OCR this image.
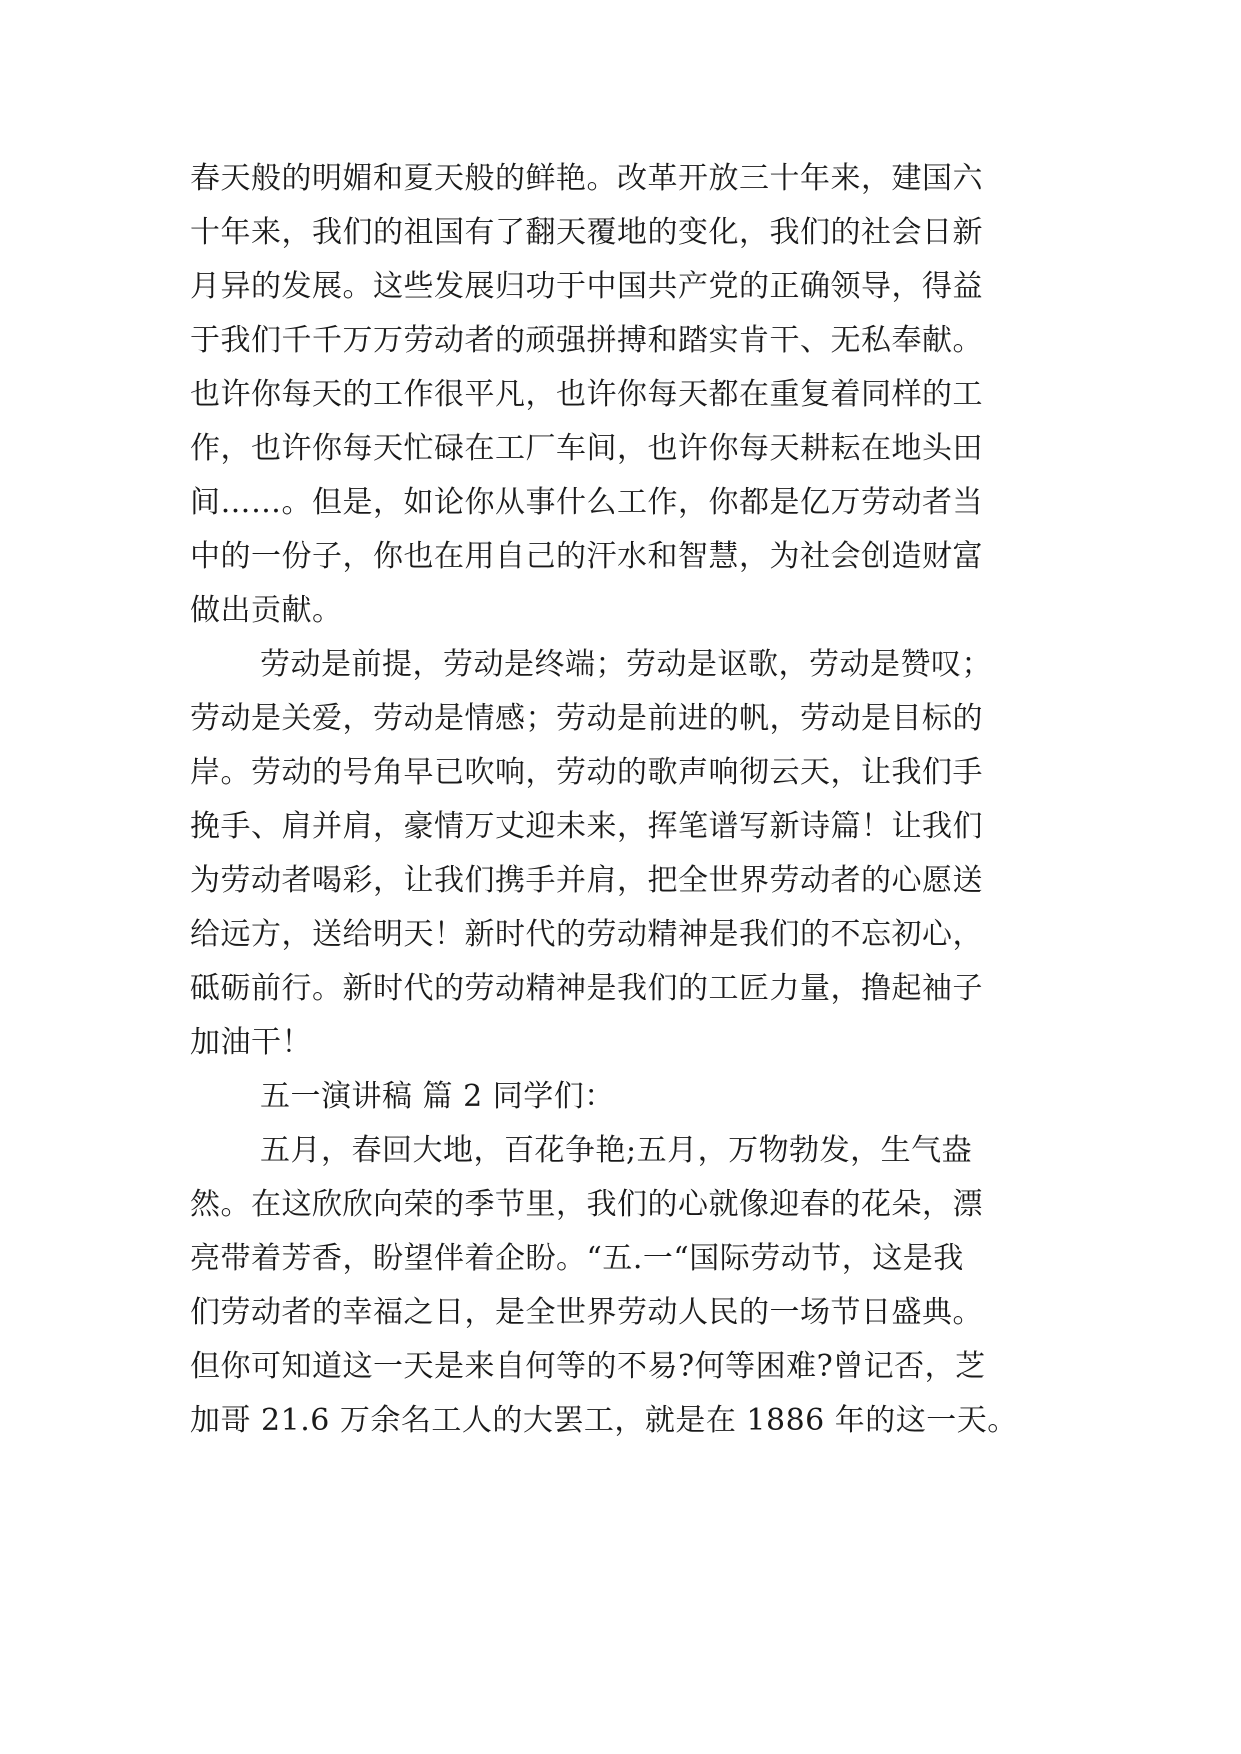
春天般的明媚和夏天般的鲜艳。改革开放三十年来，建国六
十年来，我们的祖国有了翻天覆地的变化，我们的社会日新
月异的发展。这些发展归功于中国共产党的正确领导，得益
于我们千千万万劳动者的顽强拼搏和踏实肯干、无私奉献。
也许你每天的工作很平凡，也许你每天都在重复着同样的工
作，也许你每天忙碌在工厂车间，也许你每天耕耘在地头田
间……。但是，如论你从事什么工作，你都是亿万劳动者当
中的一份子，你也在用自己的汗水和智慧，为社会创造财富
做出贡献。
劳动是前提，劳动是终端；劳动是讴歌，劳动是赞叹；
劳动是关爱，劳动是情感；劳动是前进的帆，劳动是目标的
岸。劳动的号角早已吹响，劳动的歌声响彻云天，让我们手
挽手、肩并肩，豪情万丈迎未来，挥笔谱写新诗篇！让我们
为劳动者喝彩，让我们携手并肩，把全世界劳动者的心愿送
给远方，送给明天！新时代的劳动精神是我们的不忘初心，
砥砺前行。新时代的劳动精神是我们的工匠力量，撸起袖子
加油干！
五一演讲稿 篇 2 同学们：
五月，春回大地，百花争艳;五月，万物勃发，生气盎
然。在这欣欣向荣的季节里，我们的心就像迎春的花朵，漂
亮带着芳香，盼望伴着企盼。“五.一“国际劳动节，这是我
们劳动者的幸福之日，是全世界劳动人民的一场节日盛典。
但你可知道这一天是来自何等的不易?何等困难?曾记否，芝
加哥 21.6 万余名工人的大罢工，就是在 1886 年的这一天。
